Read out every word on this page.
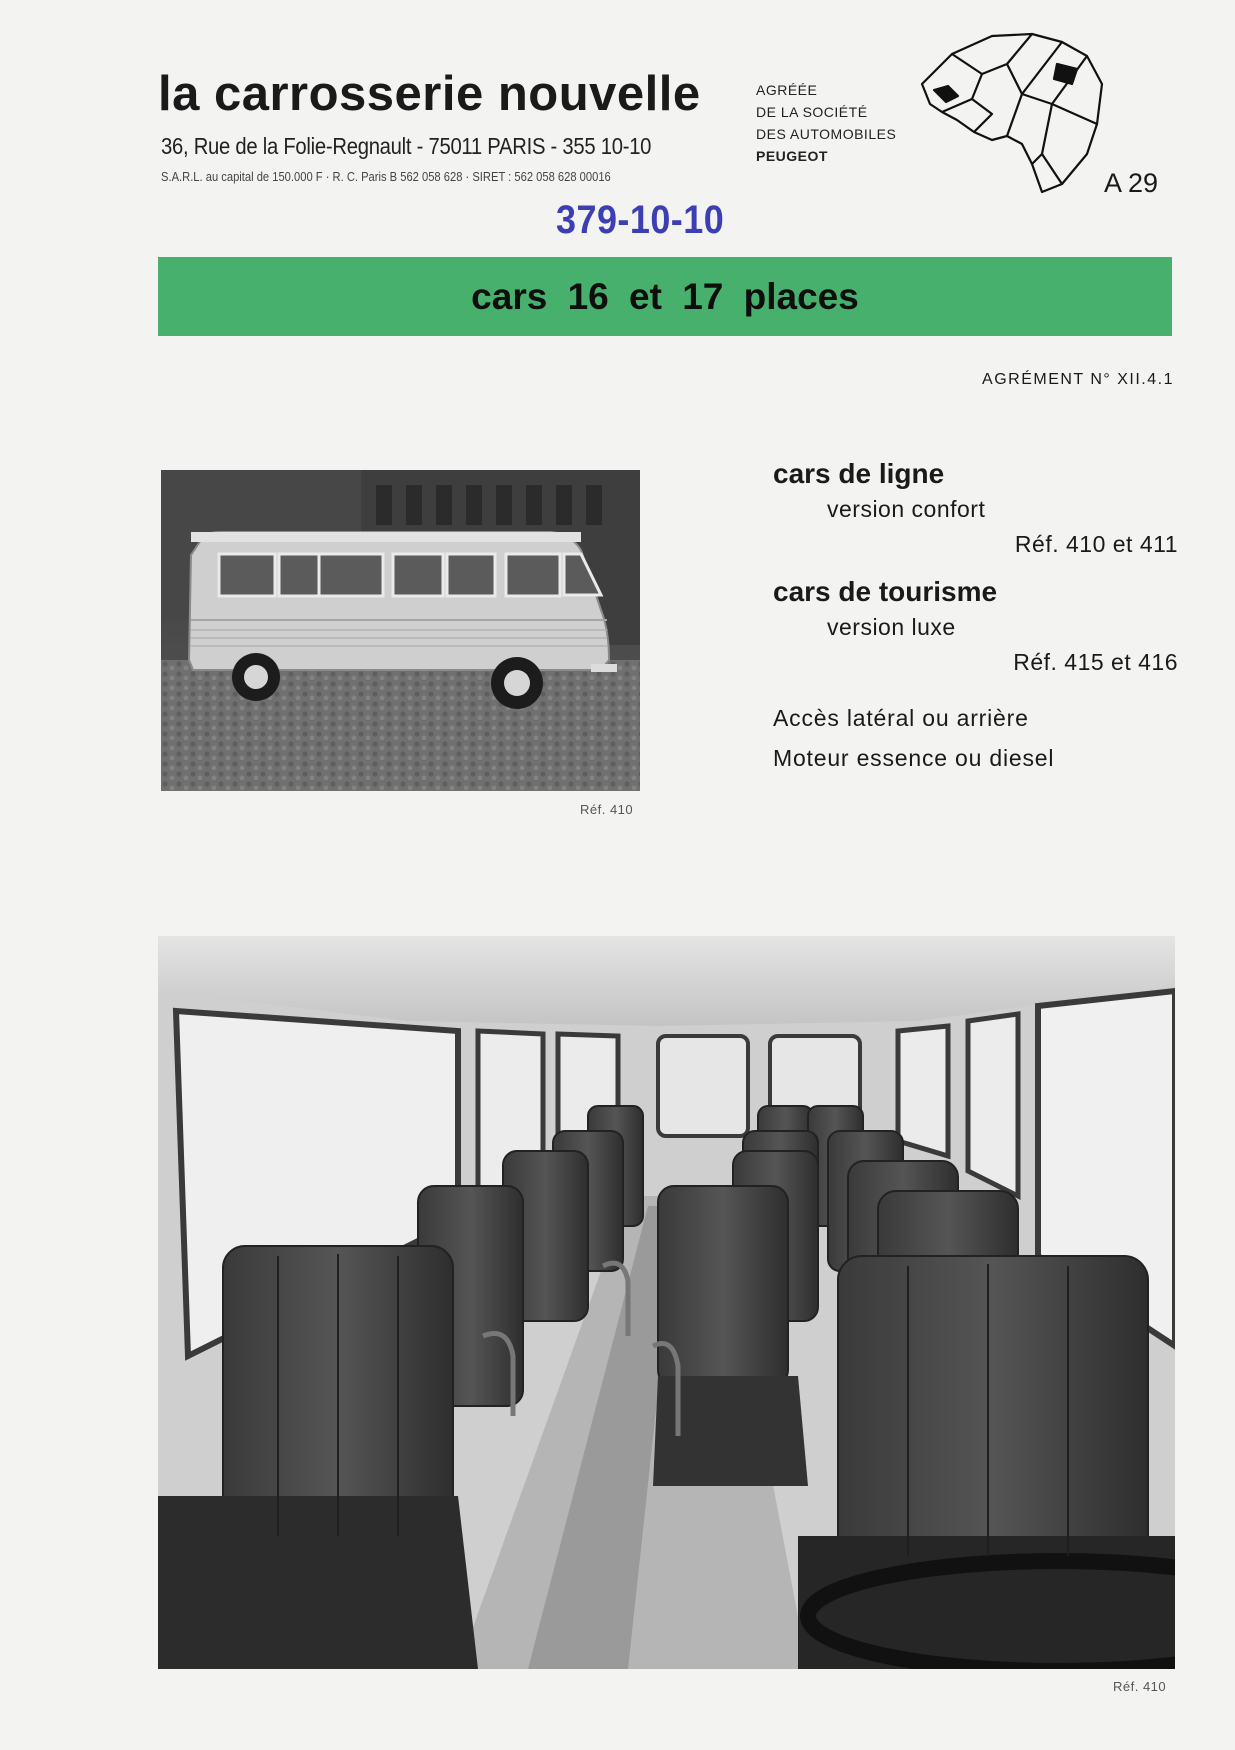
la carrosserie nouvelle
36, Rue de la Folie-Regnault - 75011 PARIS - 355 10-10
S.A.R.L. au capital de 150.000 F · R. C. Paris B 562 058 628 · SIRET : 562 058 628 00016
379-10-10
AGRÉÉE
DE LA SOCIÉTÉ
DES AUTOMOBILES
PEUGEOT
A 29
cars 16 et 17 places
AGRÉMENT N° XII.4.1
Réf. 410
cars de ligne
version confort
Réf. 410 et 411
cars de tourisme
version luxe
Réf. 415 et 416
Accès latéral ou arrière
Moteur essence ou diesel
Réf. 410
